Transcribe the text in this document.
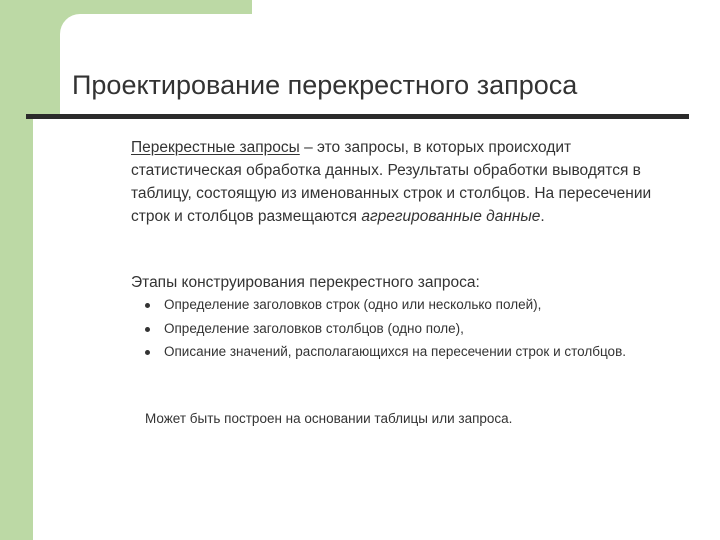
Проектирование перекрестного запроса

Перекрестные запросы – это запросы, в которых происходит статистическая обработка данных. Результаты обработки выводятся в таблицу, состоящую из именованных строк и столбцов. На пересечении строк и столбцов размещаются агрегированные данные.

Этапы конструирования перекрестного запроса:

Определение заголовков строк (одно или несколько полей),
Определение заголовков столбцов (одно поле),
Описание значений, располагающихся на пересечении строк и столбцов.

Может быть построен на основании таблицы или запроса.
